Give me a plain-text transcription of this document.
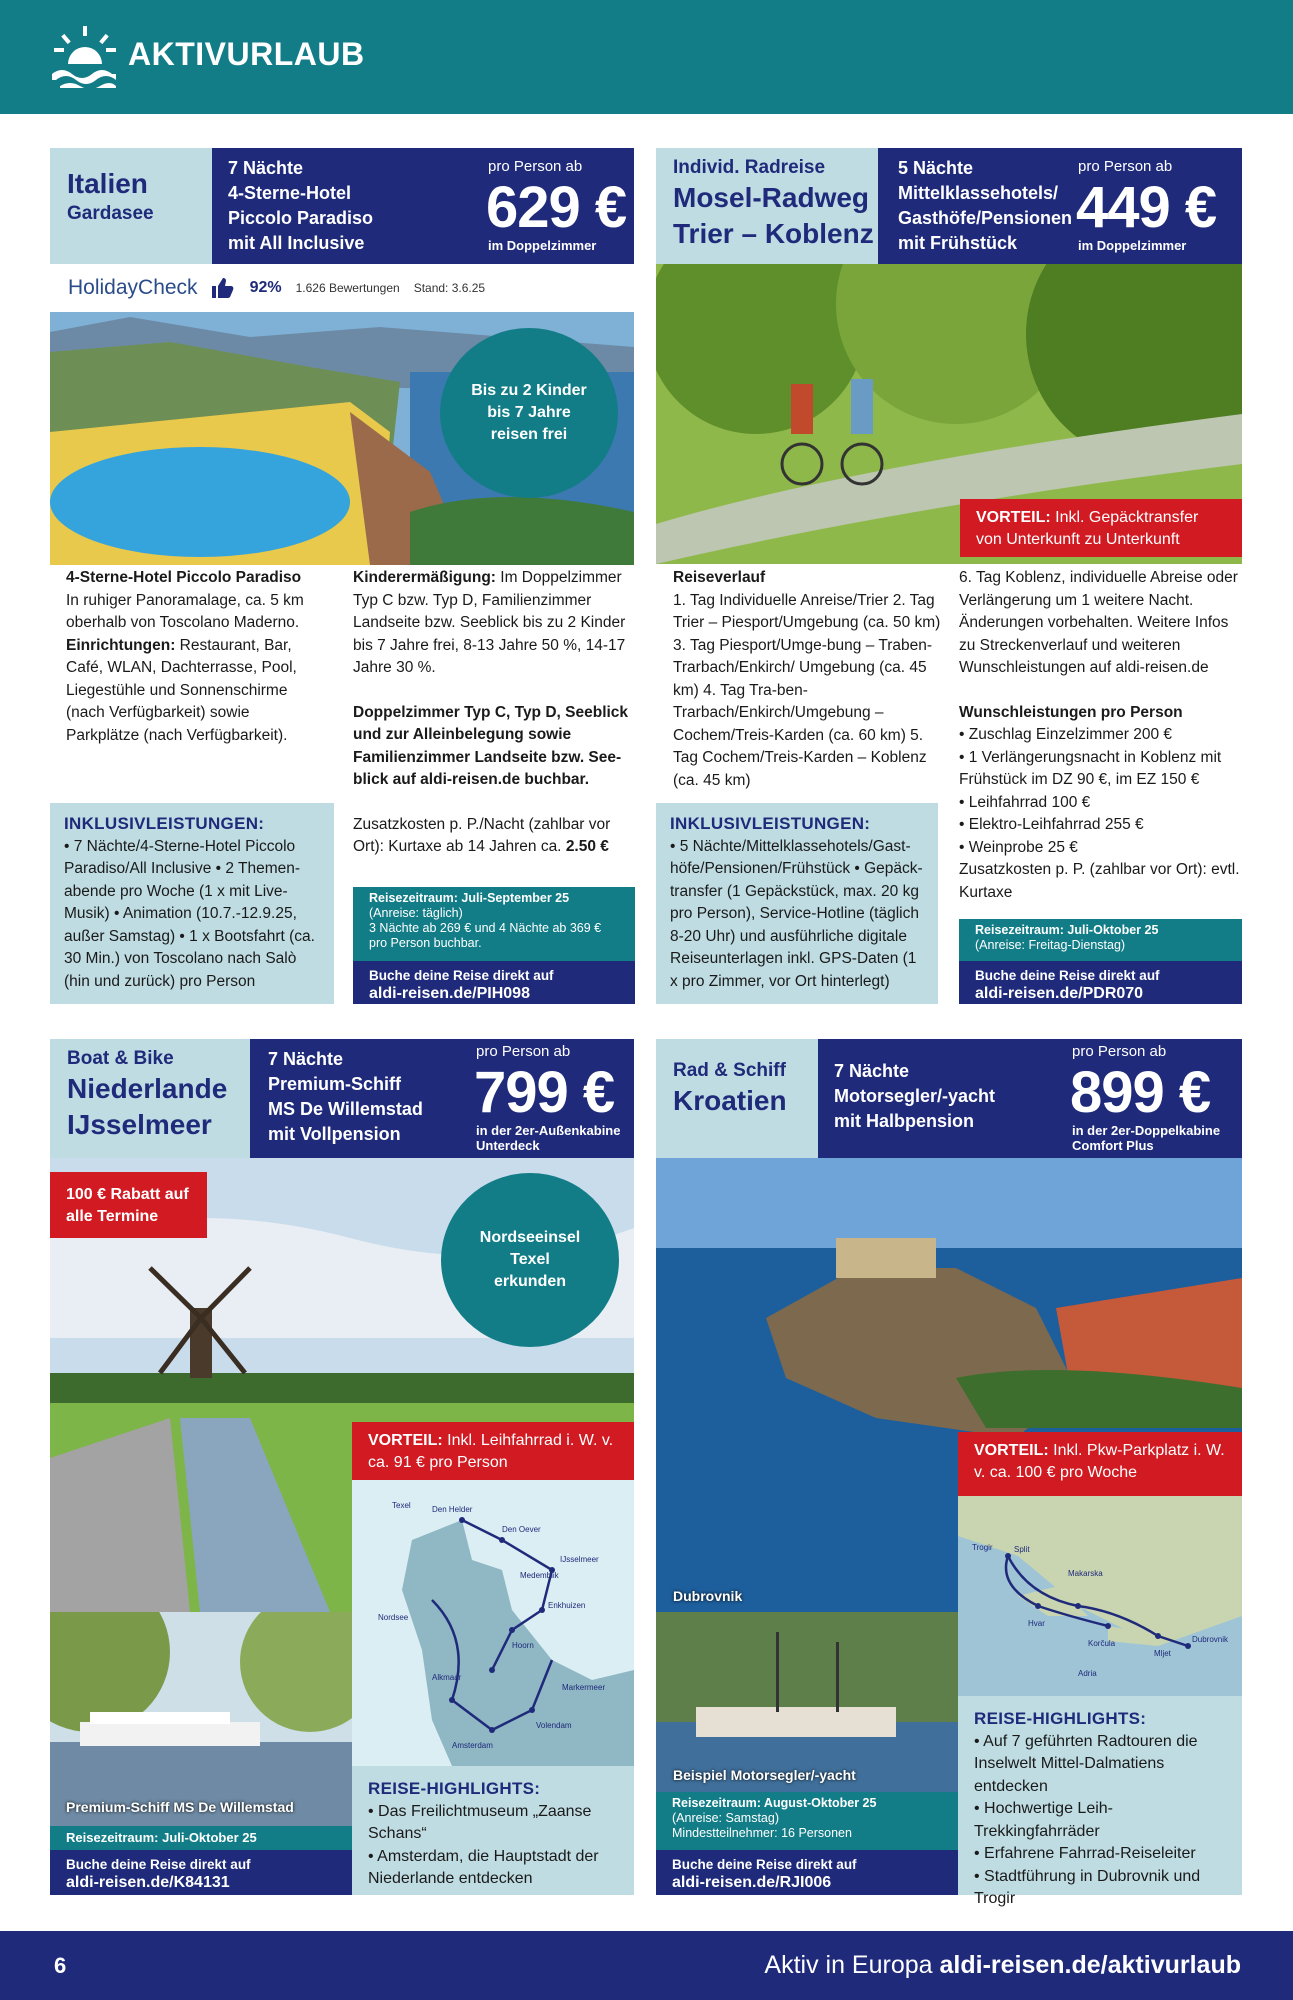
AKTIVURLAUB
Italien
Gardasee
7 Nächte
4-Sterne-Hotel
Piccolo Paradiso
mit All Inclusive
pro Person ab
629 €
im Doppelzimmer
HolidayCheck	92% 1.626 Bewertungen Stand: 3.6.25
Bis zu 2 Kinder bis 7 Jahre reisen frei
4-Sterne-Hotel Piccolo Paradiso
In ruhiger Panoramalage, ca. 5 km oberhalb von Toscolano Maderno.
Einrichtungen: Restaurant, Bar, Café, WLAN, Dachterrasse, Pool, Liegestühle und Sonnenschirme (nach Verfügbarkeit) sowie Parkplätze (nach Verfügbarkeit).
Kinderermäßigung: Im Doppelzimmer Typ C bzw. Typ D, Familienzimmer Landseite bzw. Seeblick bis zu 2 Kinder bis 7 Jahre frei, 8-13 Jahre 50 %, 14-17 Jahre 30 %.
Doppelzimmer Typ C, Typ D, Seeblick und zur Alleinbelegung sowie Familienzimmer Landseite bzw. See-blick auf aldi-reisen.de buchbar.
Zusatzkosten p. P./Nacht (zahlbar vor Ort): Kurtaxe ab 14 Jahren ca. 2.50 €
INKLUSIVLEISTUNGEN:
• 7 Nächte/4-Sterne-Hotel Piccolo Paradiso/All Inclusive • 2 Themen-abende pro Woche (1 x mit Live-Musik) • Animation (10.7.-12.9.25, außer Samstag) • 1 x Bootsfahrt (ca. 30 Min.) von Toscolano nach Salò (hin und zurück) pro Person
Reisezeitraum: Juli-September 25
(Anreise: täglich)
3 Nächte ab 269 € und 4 Nächte ab 369 €
pro Person buchbar.
Buche deine Reise direkt auf
aldi-reisen.de/PIH098
Individ. Radreise
Mosel-Radweg
Trier – Koblenz
5 Nächte
Mittelklassehotels/
Gasthöfe/Pensionen
mit Frühstück
pro Person ab
449 €
im Doppelzimmer
VORTEIL: Inkl. Gepäcktransfer von Unterkunft zu Unterkunft
Reiseverlauf
1. Tag Individuelle Anreise/Trier 2. Tag Trier – Piesport/Umgebung (ca. 50 km) 3. Tag Piesport/Umge-bung – Traben-Trarbach/Enkirch/ Umgebung (ca. 45 km) 4. Tag Tra-ben-Trarbach/Enkirch/Umgebung – Cochem/Treis-Karden (ca. 60 km) 5. Tag Cochem/Treis-Karden – Koblenz (ca. 45 km)
INKLUSIVLEISTUNGEN:
• 5 Nächte/Mittelklassehotels/Gast-höfe/Pensionen/Frühstück • Gepäck-transfer (1 Gepäckstück, max. 20 kg pro Person), Service-Hotline (täglich 8-20 Uhr) und ausführliche digitale Reiseunterlagen inkl. GPS-Daten (1 x pro Zimmer, vor Ort hinterlegt)
6. Tag Koblenz, individuelle Abreise oder Verlängerung um 1 weitere Nacht. Änderungen vorbehalten. Weitere Infos zu Streckenverlauf und weiteren Wunschleistungen auf aldi-reisen.de
Wunschleistungen pro Person
• Zuschlag Einzelzimmer 200 €
• 1 Verlängerungsnacht in Koblenz mit Frühstück im DZ 90 €, im EZ 150 €
• Leihfahrrad 100 €
• Elektro-Leihfahrrad 255 €
• Weinprobe 25 €
Zusatzkosten p. P. (zahlbar vor Ort): evtl. Kurtaxe
Reisezeitraum: Juli-Oktober 25
(Anreise: Freitag-Dienstag)
Buche deine Reise direkt auf
aldi-reisen.de/PDR070
Boat & Bike
Niederlande
IJsselmeer
7 Nächte
Premium-Schiff
MS De Willemstad
mit Vollpension
pro Person ab
799 €
in der 2er-Außenkabine
Unterdeck
100 € Rabatt auf alle Termine
Nordseeinsel Texel erkunden
Premium-Schiff MS De Willemstad
Reisezeitraum: Juli-Oktober 25
Buche deine Reise direkt auf
aldi-reisen.de/K84131
VORTEIL: Inkl. Leihfahrrad i. W. v. ca. 91 € pro Person
Den Helder
Den Oever
Texel
Medemblik
Enkhuizen
IJsselmeer
Nordsee
Hoorn
Markermeer
Alkmaar
Amsterdam
Volendam
REISE-HIGHLIGHTS:
• Das Freilichtmuseum „Zaanse Schans“
• Amsterdam, die Hauptstadt der Niederlande entdecken
Rad & Schiff
Kroatien
7 Nächte
Motorsegler/-yacht
mit Halbpension
pro Person ab
899 €
in der 2er-Doppelkabine
Comfort Plus
Dubrovnik
Beispiel Motorsegler/-yacht
Reisezeitraum: August-Oktober 25
(Anreise: Samstag)
Mindestteilnehmer: 16 Personen
Buche deine Reise direkt auf
aldi-reisen.de/RJI006
VORTEIL: Inkl. Pkw-Parkplatz i. W. v. ca. 100 € pro Woche
Split
Trogir
Makarska
Hvar
Korčula
Mljet
Adria
Dubrovnik
REISE-HIGHLIGHTS:
• Auf 7 geführten Radtouren die Inselwelt Mittel-Dalmatiens entdecken
• Hochwertige Leih-Trekkingfahrräder
• Erfahrene Fahrrad-Reiseleiter
• Stadtführung in Dubrovnik und Trogir
6	Aktiv in Europa aldi-reisen.de/aktivurlaub
